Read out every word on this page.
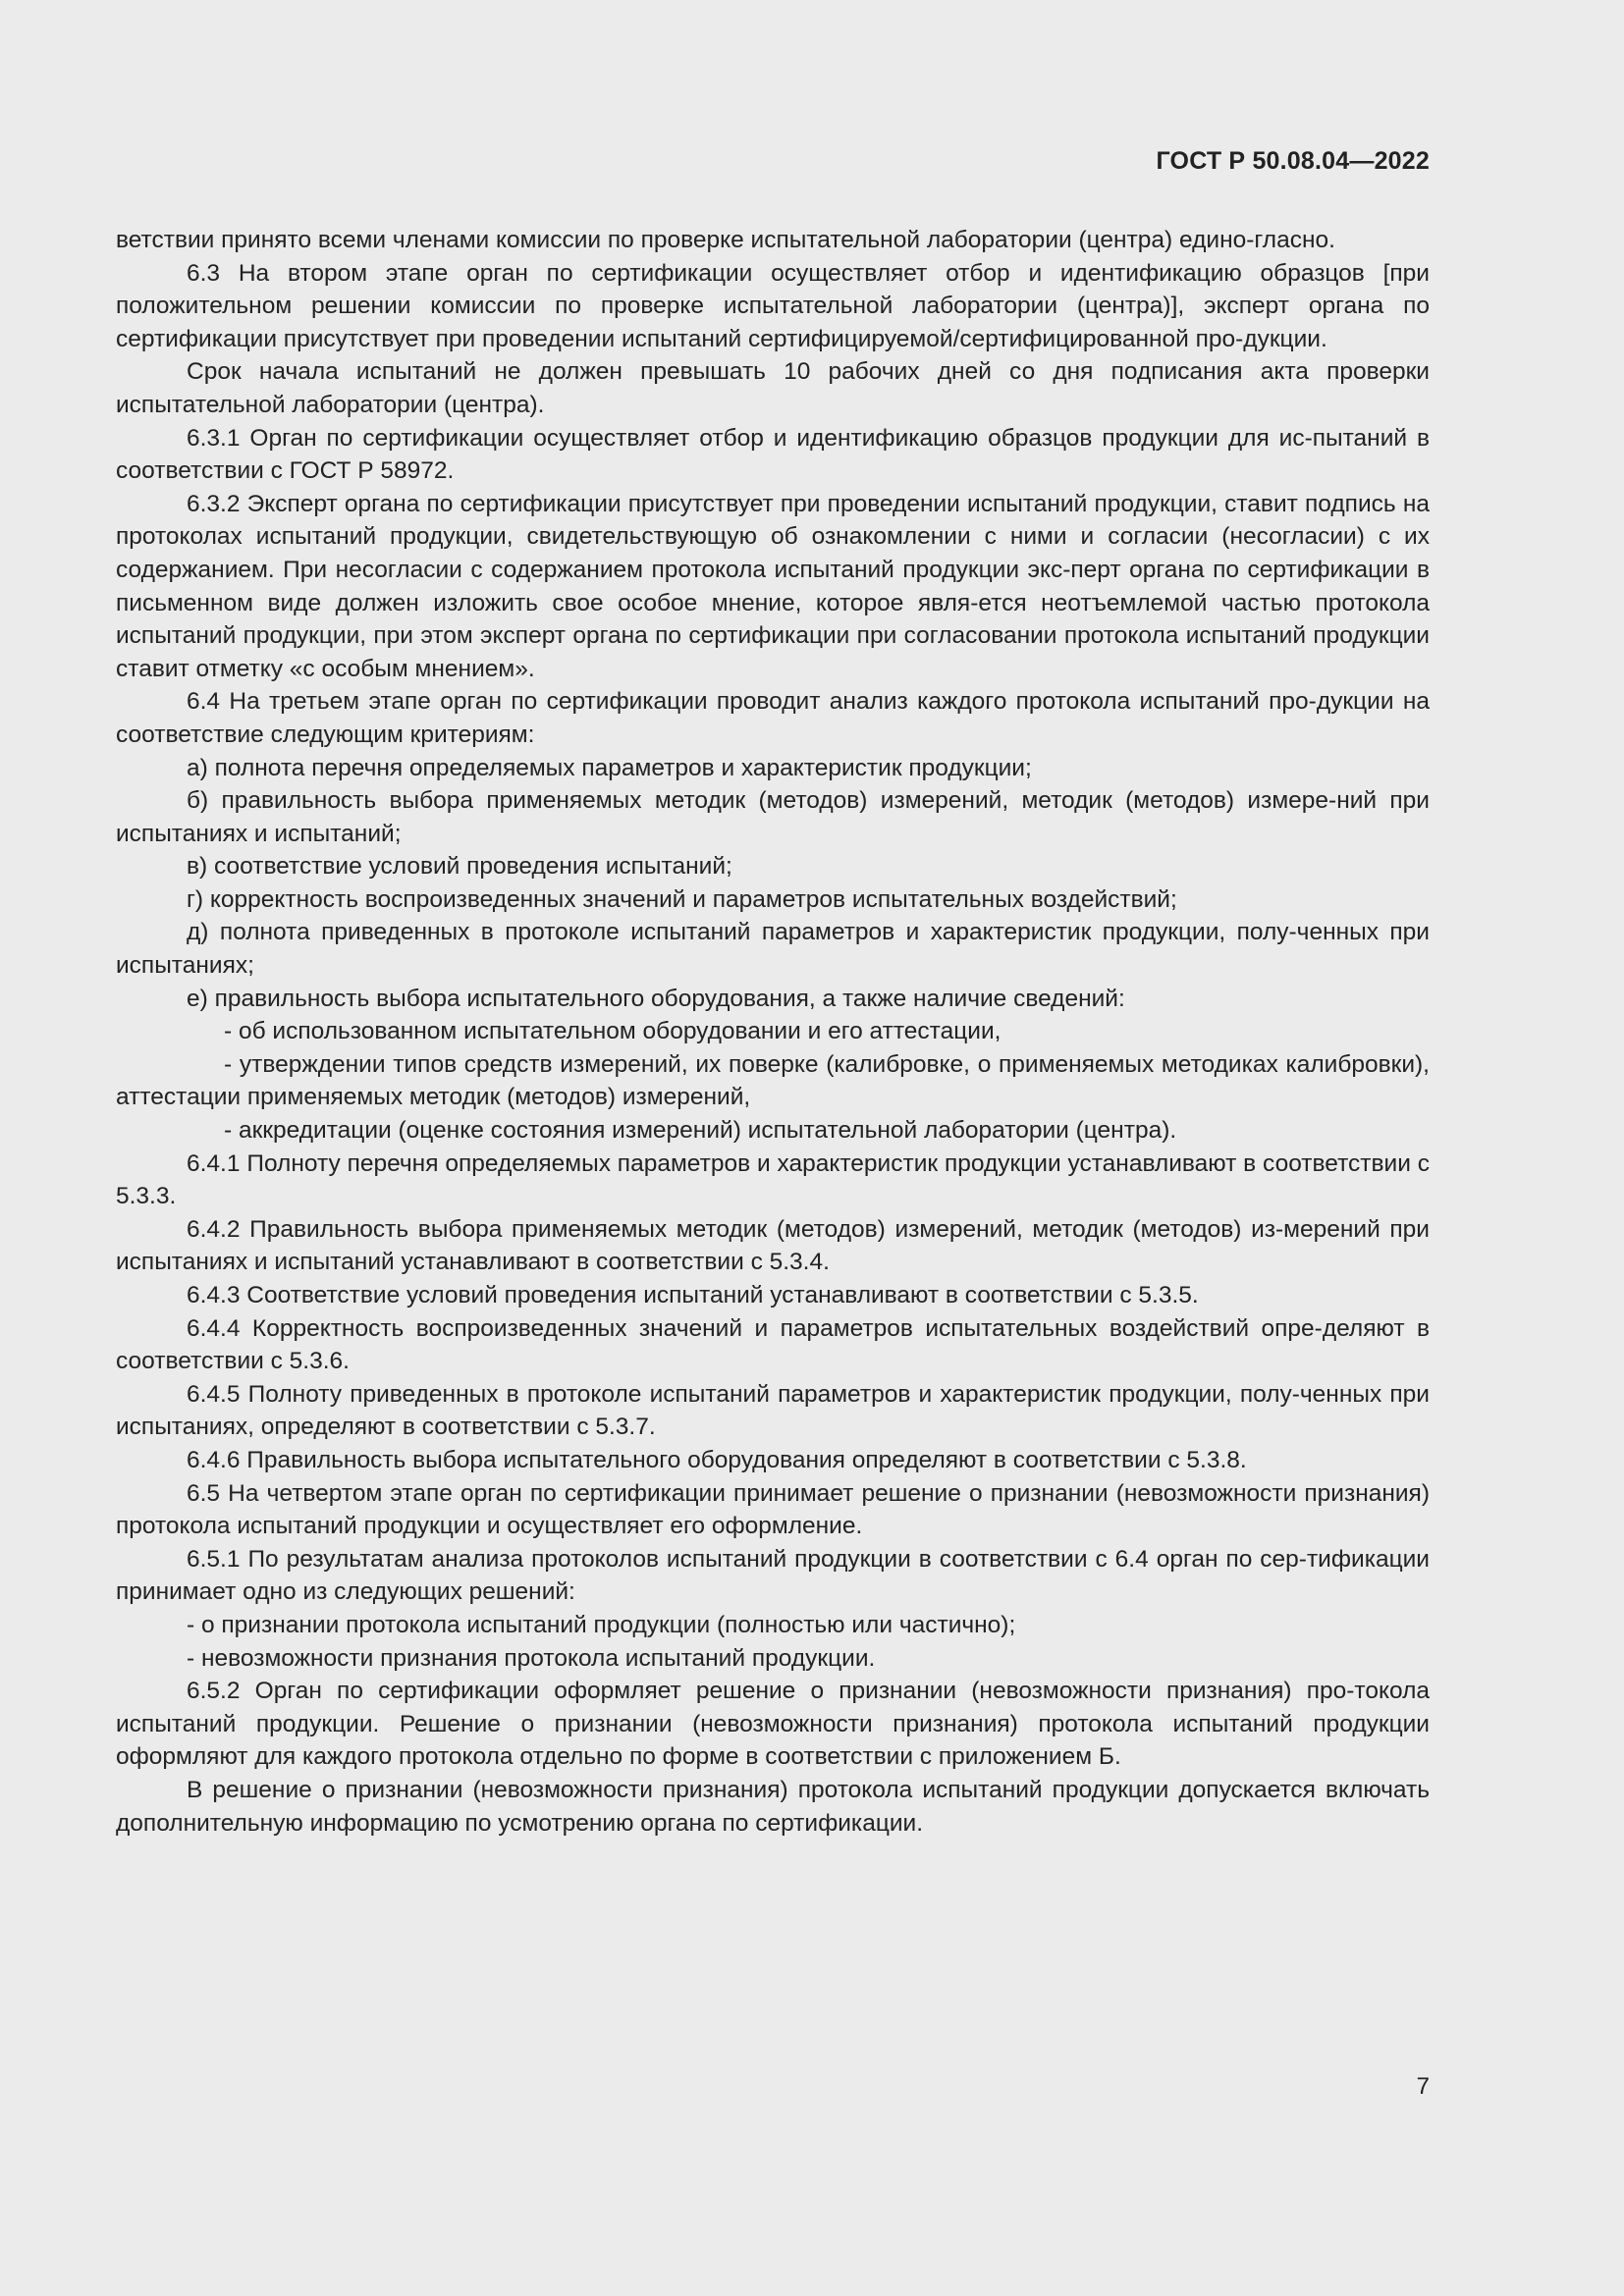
ГОСТ Р 50.08.04—2022

ветствии принято всеми членами комиссии по проверке испытательной лаборатории (центра) едино-гласно.

6.3 На втором этапе орган по сертификации осуществляет отбор и идентификацию образцов [при положительном решении комиссии по проверке испытательной лаборатории (центра)], эксперт органа по сертификации присутствует при проведении испытаний сертифицируемой/сертифицированной про-дукции.

Срок начала испытаний не должен превышать 10 рабочих дней со дня подписания акта проверки испытательной лаборатории (центра).

6.3.1 Орган по сертификации осуществляет отбор и идентификацию образцов продукции для ис-пытаний в соответствии с ГОСТ Р 58972.

6.3.2 Эксперт органа по сертификации присутствует при проведении испытаний продукции, ставит подпись на протоколах испытаний продукции, свидетельствующую об ознакомлении с ними и согласии (несогласии) с их содержанием. При несогласии с содержанием протокола испытаний продукции экс-перт органа по сертификации в письменном виде должен изложить свое особое мнение, которое явля-ется неотъемлемой частью протокола испытаний продукции, при этом эксперт органа по сертификации при согласовании протокола испытаний продукции ставит отметку «с особым мнением».

6.4 На третьем этапе орган по сертификации проводит анализ каждого протокола испытаний про-дукции на соответствие следующим критериям:

а) полнота перечня определяемых параметров и характеристик продукции;

б) правильность выбора применяемых методик (методов) измерений, методик (методов) измере-ний при испытаниях и испытаний;

в) соответствие условий проведения испытаний;

г) корректность воспроизведенных значений и параметров испытательных воздействий;

д) полнота приведенных в протоколе испытаний параметров и характеристик продукции, полу-ченных при испытаниях;

е) правильность выбора испытательного оборудования, а также наличие сведений:

- об использованном испытательном оборудовании и его аттестации,

- утверждении типов средств измерений, их поверке (калибровке, о применяемых методиках калибровки), аттестации применяемых методик (методов) измерений,

- аккредитации (оценке состояния измерений) испытательной лаборатории (центра).

6.4.1 Полноту перечня определяемых параметров и характеристик продукции устанавливают в соответствии с 5.3.3.

6.4.2 Правильность выбора применяемых методик (методов) измерений, методик (методов) из-мерений при испытаниях и испытаний устанавливают в соответствии с 5.3.4.

6.4.3 Соответствие условий проведения испытаний устанавливают в соответствии с 5.3.5.

6.4.4 Корректность воспроизведенных значений и параметров испытательных воздействий опре-деляют в соответствии с 5.3.6.

6.4.5 Полноту приведенных в протоколе испытаний параметров и характеристик продукции, полу-ченных при испытаниях, определяют в соответствии с 5.3.7.

6.4.6 Правильность выбора испытательного оборудования определяют в соответствии с 5.3.8.

6.5 На четвертом этапе орган по сертификации принимает решение о признании (невозможности признания) протокола испытаний продукции и осуществляет его оформление.

6.5.1 По результатам анализа протоколов испытаний продукции в соответствии с 6.4 орган по сер-тификации принимает одно из следующих решений:

- о признании протокола испытаний продукции (полностью или частично);

- невозможности признания протокола испытаний продукции.

6.5.2 Орган по сертификации оформляет решение о признании (невозможности признания) про-токола испытаний продукции. Решение о признании (невозможности признания) протокола испытаний продукции оформляют для каждого протокола отдельно по форме в соответствии с приложением Б.

В решение о признании (невозможности признания) протокола испытаний продукции допускается включать дополнительную информацию по усмотрению органа по сертификации.

7
